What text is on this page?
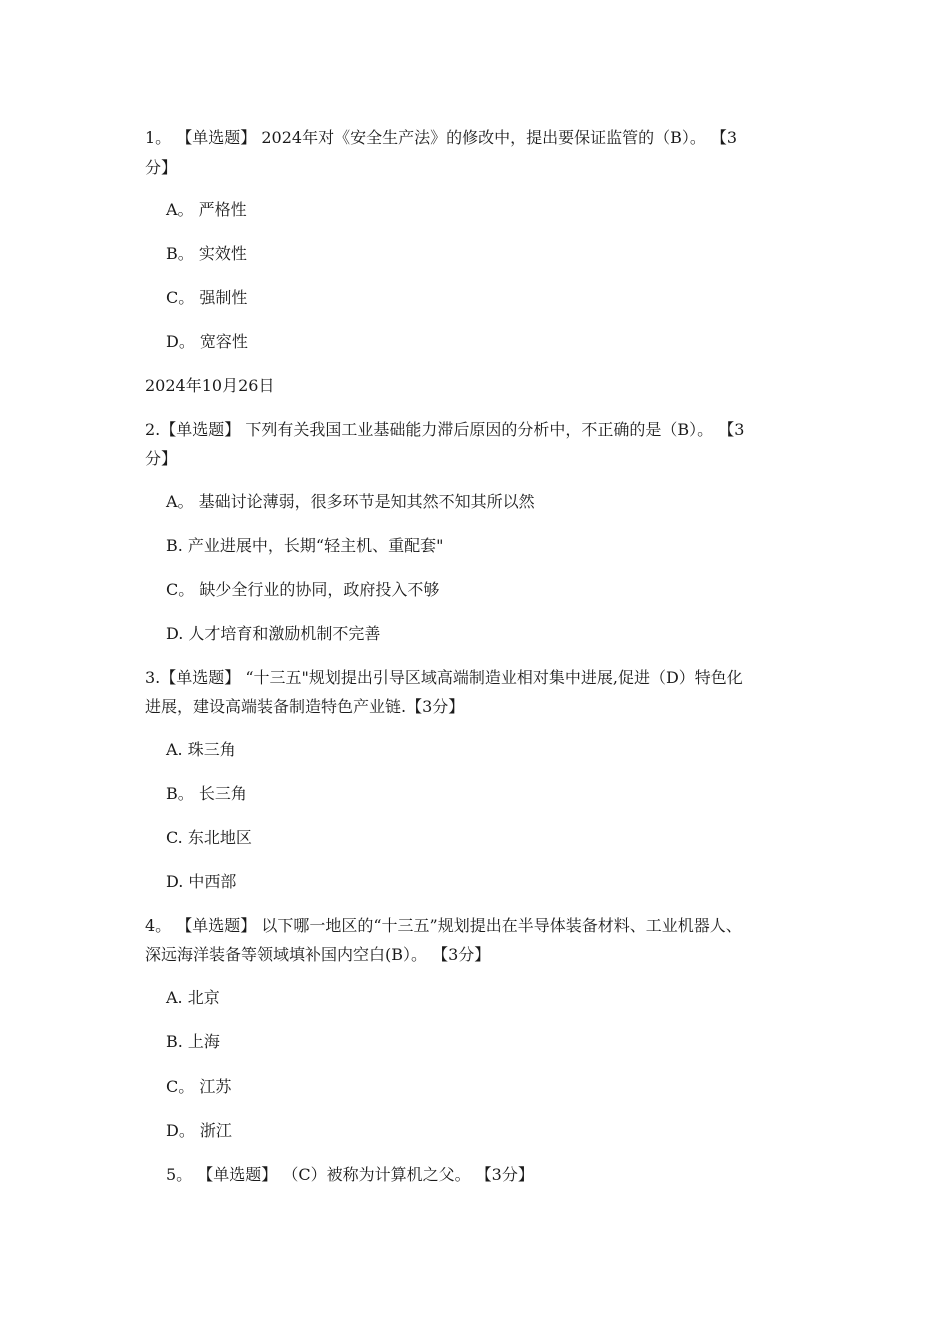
1。 【单选题】 2024年对《安全生产法》的修改中，提出要保证监管的（B）。 【3
分】
A。 严格性
B。 实效性
C。 强制性
D。 宽容性
2024年10月26日
2.【单选题】 下列有关我国工业基础能力滞后原因的分析中，不正确的是（B）。 【3
分】
A。 基础讨论薄弱，很多环节是知其然不知其所以然
B. 产业进展中，长期“轻主机、重配套"
C。 缺少全行业的协同，政府投入不够
D. 人才培育和激励机制不完善
3.【单选题】 “十三五"规划提出引导区域高端制造业相对集中进展,促进（D）特色化
进展，建设高端装备制造特色产业链.【3分】
A. 珠三角
B。 长三角
C. 东北地区
D. 中西部
4。 【单选题】 以下哪一地区的“十三五”规划提出在半导体装备材料、工业机器人、
深远海洋装备等领域填补国内空白(B）。 【3分】
A. 北京
B. 上海
C。 江苏
D。 浙江
5。 【单选题】 （C）被称为计算机之父。 【3分】
